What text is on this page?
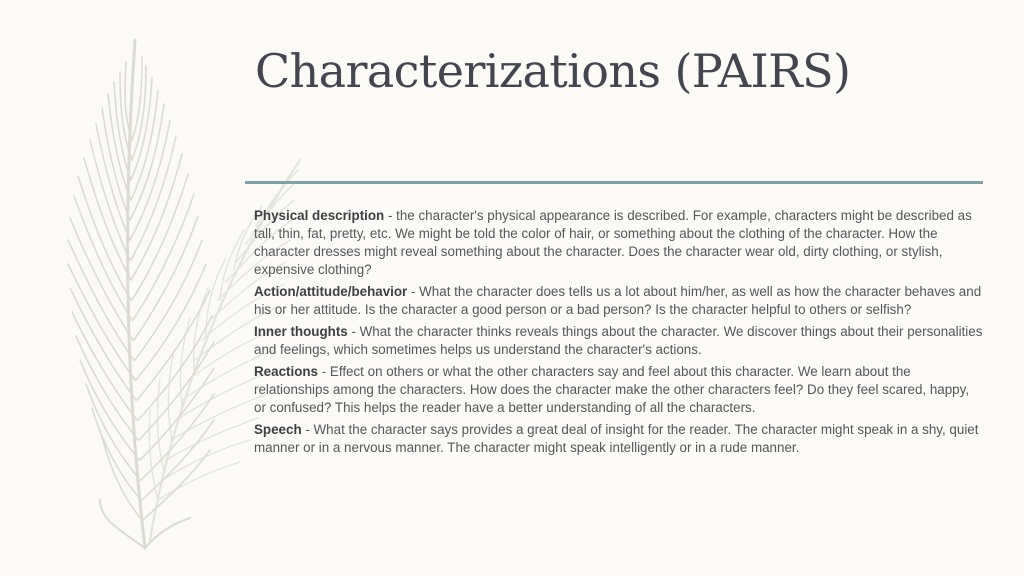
Characterizations (PAIRS)

Physical description - the character's physical appearance is described. For example, characters might be described as tall, thin, fat, pretty, etc. We might be told the color of hair, or something about the clothing of the character. How the character dresses might reveal something about the character. Does the character wear old, dirty clothing, or stylish, expensive clothing?

Action/attitude/behavior - What the character does tells us a lot about him/her, as well as how the character behaves and his or her attitude. Is the character a good person or a bad person? Is the character helpful to others or selfish?

Inner thoughts - What the character thinks reveals things about the character. We discover things about their personalities and feelings, which sometimes helps us understand the character's actions.

Reactions - Effect on others or what the other characters say and feel about this character. We learn about the relationships among the characters. How does the character make the other characters feel? Do they feel scared, happy, or confused? This helps the reader have a better understanding of all the characters.

Speech - What the character says provides a great deal of insight for the reader. The character might speak in a shy, quiet manner or in a nervous manner. The character might speak intelligently or in a rude manner.
